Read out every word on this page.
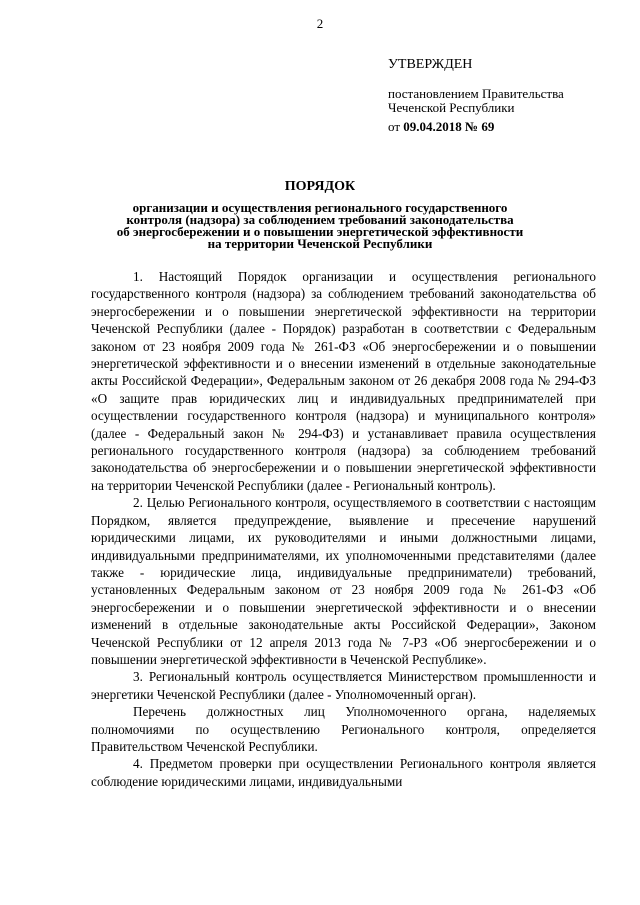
2
УТВЕРЖДЕН
постановлением Правительства
Чеченской Республики
от 09.04.2018 № 69
ПОРЯДОК
организации и осуществления регионального государственного
контроля (надзора) за соблюдением требований законодательства
об энергосбережении и о повышении энергетической эффективности
на территории Чеченской Республики

1. Настоящий Порядок организации и осуществления регионального государственного контроля (надзора) за соблюдением требований законодательства об энергосбережении и о повышении энергетической эффективности на территории Чеченской Республики (далее - Порядок) разработан в соответствии с Федеральным законом от 23 ноября 2009 года № 261-ФЗ «Об энергосбережении и о повышении энергетической эффективности и о внесении изменений в отдельные законодательные акты Российской Федерации», Федеральным законом от 26 декабря 2008 года № 294-ФЗ «О защите прав юридических лиц и индивидуальных предпринимателей при осуществлении государственного контроля (надзора) и муниципального контроля» (далее - Федеральный закон № 294-ФЗ) и устанавливает правила осуществления регионального государственного контроля (надзора) за соблюдением требований законодательства об энергосбережении и о повышении энергетической эффективности на территории Чеченской Республики (далее - Региональный контроль).

2. Целью Регионального контроля, осуществляемого в соответствии с настоящим Порядком, является предупреждение, выявление и пресечение нарушений юридическими лицами, их руководителями и иными должностными лицами, индивидуальными предпринимателями, их уполномоченными представителями (далее также - юридические лица, индивидуальные предприниматели) требований, установленных Федеральным законом от 23 ноября 2009 года № 261-ФЗ «Об энергосбережении и о повышении энергетической эффективности и о внесении изменений в отдельные законодательные акты Российской Федерации», Законом Чеченской Республики от 12 апреля 2013 года № 7-РЗ «Об энергосбережении и о повышении энергетической эффективности в Чеченской Республике».

3. Региональный контроль осуществляется Министерством промышленности и энергетики Чеченской Республики (далее - Уполномоченный орган).

Перечень должностных лиц Уполномоченного органа, наделяемых полномочиями по осуществлению Регионального контроля, определяется Правительством Чеченской Республики.

4. Предметом проверки при осуществлении Регионального контроля является соблюдение юридическими лицами, индивидуальными
